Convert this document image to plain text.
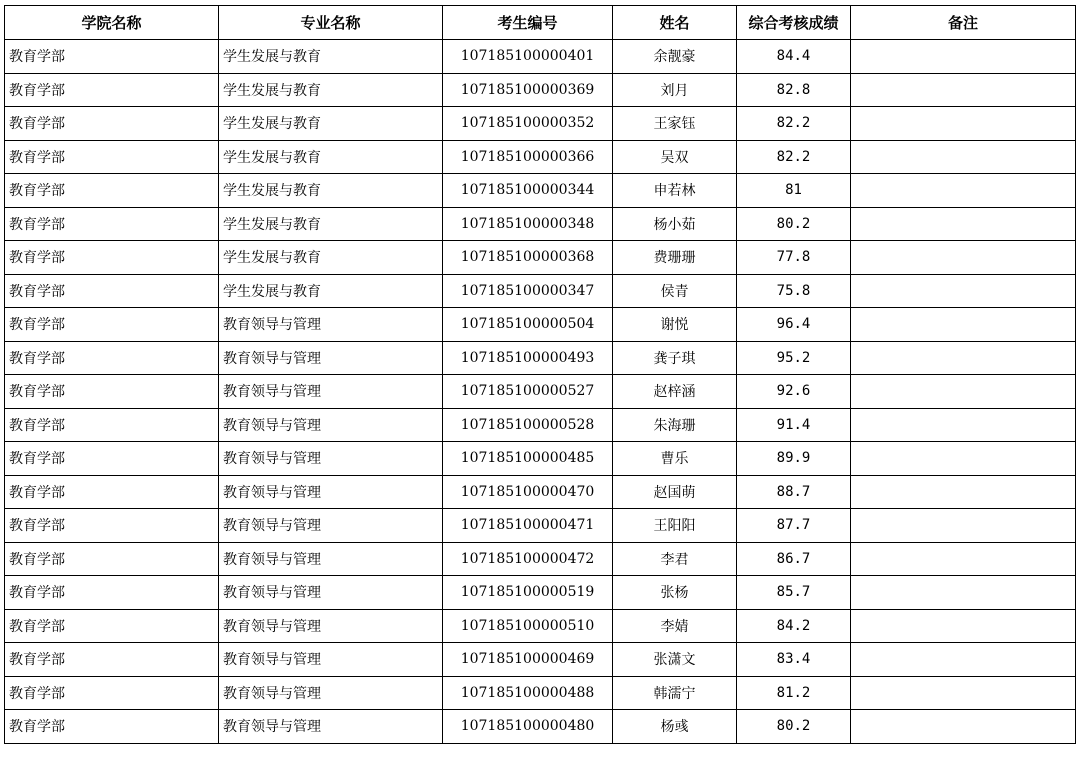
学院名称	专业名称	考生编号	姓名	综合考核成绩	备注
教育学部	学生发展与教育	107185100000401	余靓豪	84.4	
教育学部	学生发展与教育	107185100000369	刘月	82.8	
教育学部	学生发展与教育	107185100000352	王家钰	82.2	
教育学部	学生发展与教育	107185100000366	吴双	82.2	
教育学部	学生发展与教育	107185100000344	申若林	81	
教育学部	学生发展与教育	107185100000348	杨小茹	80.2	
教育学部	学生发展与教育	107185100000368	费珊珊	77.8	
教育学部	学生发展与教育	107185100000347	侯青	75.8	
教育学部	教育领导与管理	107185100000504	谢悦	96.4	
教育学部	教育领导与管理	107185100000493	龚子琪	95.2	
教育学部	教育领导与管理	107185100000527	赵梓涵	92.6	
教育学部	教育领导与管理	107185100000528	朱海珊	91.4	
教育学部	教育领导与管理	107185100000485	曹乐	89.9	
教育学部	教育领导与管理	107185100000470	赵国萌	88.7	
教育学部	教育领导与管理	107185100000471	王阳阳	87.7	
教育学部	教育领导与管理	107185100000472	李君	86.7	
教育学部	教育领导与管理	107185100000519	张杨	85.7	
教育学部	教育领导与管理	107185100000510	李婧	84.2	
教育学部	教育领导与管理	107185100000469	张潇文	83.4	
教育学部	教育领导与管理	107185100000488	韩濡宁	81.2	
教育学部	教育领导与管理	107185100000480	杨彧	80.2	
